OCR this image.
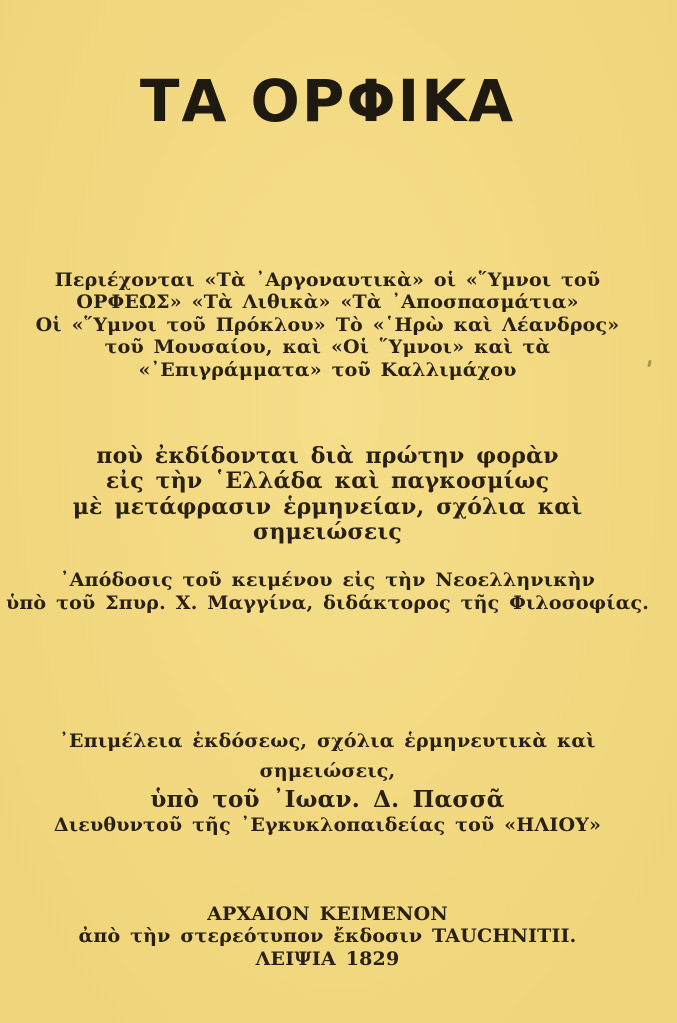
ΤΑ ΟΡΦΙΚΑ
Περιέχονται «Τὰ ᾿Αργοναυτικὰ» οἱ «῞Υμνοι τοῦ
ΟΡΦΕΩΣ» «Τὰ Λιθικὰ» «Τὰ ᾿Αποσπασμάτια»
Οἱ «῞Υμνοι τοῦ Πρόκλου» Τὸ «῾Ηρὼ καὶ Λέανδρος»
τοῦ Μουσαίου, καὶ «Οἱ ῞Υμνοι» καὶ τὰ
«᾿Επιγράμματα» τοῦ Καλλιμάχου
ποὺ ἐκδίδονται διὰ πρώτην φορὰν
εἰς τὴν ῾Ελλάδα καὶ παγκοσμίως
μὲ μετάφρασιν ἑρμηνείαν, σχόλια καὶ σημειώσεις
᾿Απόδοσις τοῦ κειμένου εἰς τὴν Νεοελληνικὴν
ὑπὸ τοῦ Σπυρ. Χ. Μαγγίνα, διδάκτορος τῆς Φιλοσοφίας.
᾿Επιμέλεια ἐκδόσεως, σχόλια ἑρμηνευτικὰ καὶ σημειώσεις,
ὑπὸ τοῦ ᾿Ιωαν. Δ. Πασσᾶ
Διευθυντοῦ τῆς ᾿Εγκυκλοπαιδείας τοῦ «ΗΛΙΟΥ»
ΑΡΧΑΙΟΝ ΚΕΙΜΕΝΟΝ
ἀπὸ τὴν στερεότυπον ἔκδοσιν TAUCHNITII.
ΛΕΙΨΙΑ 1829
